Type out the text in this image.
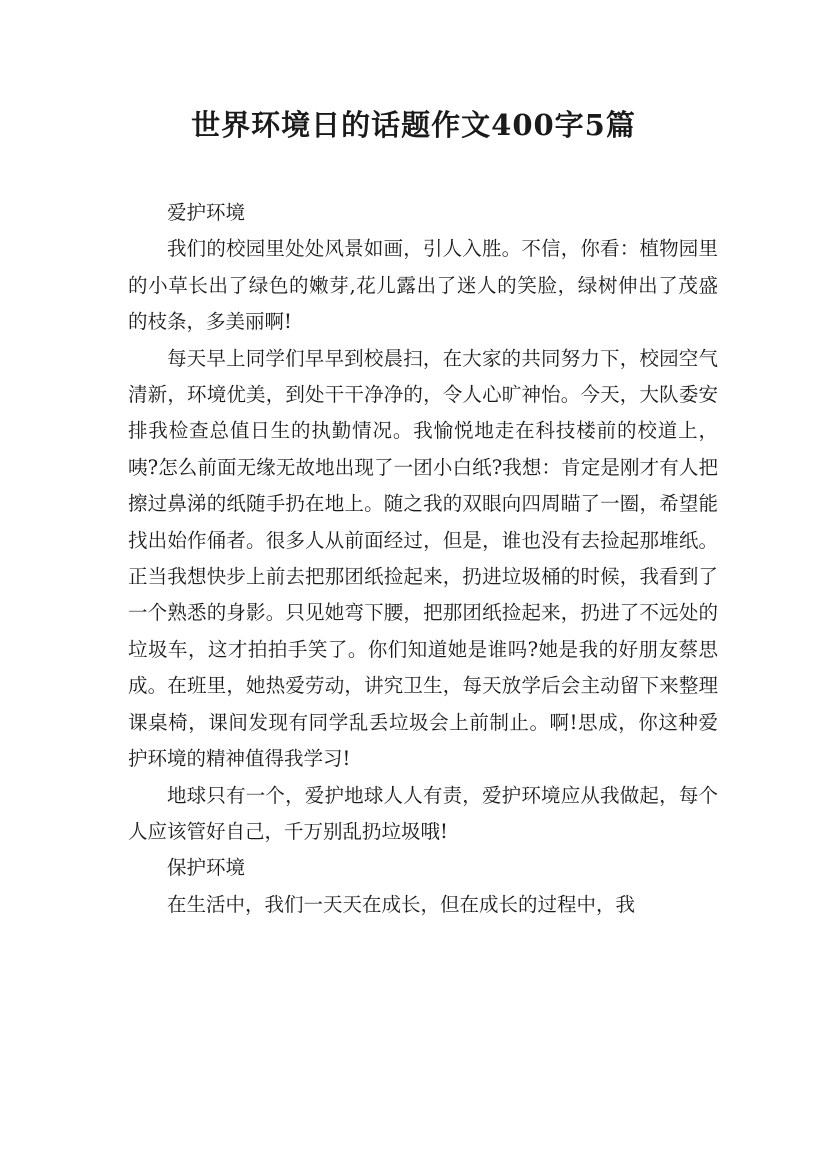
世界环境日的话题作文400字5篇

爱护环境

我们的校园里处处风景如画，引人入胜。不信，你看：植物园里的小草长出了绿色的嫩芽,花儿露出了迷人的笑脸，绿树伸出了茂盛的枝条，多美丽啊!

每天早上同学们早早到校晨扫，在大家的共同努力下，校园空气清新，环境优美，到处干干净净的，令人心旷神怡。今天，大队委安排我检查总值日生的执勤情况。我愉悦地走在科技楼前的校道上，咦?怎么前面无缘无故地出现了一团小白纸?我想：肯定是刚才有人把擦过鼻涕的纸随手扔在地上。随之我的双眼向四周瞄了一圈，希望能找出始作俑者。很多人从前面经过，但是，谁也没有去捡起那堆纸。正当我想快步上前去把那团纸捡起来，扔进垃圾桶的时候，我看到了一个熟悉的身影。只见她弯下腰，把那团纸捡起来，扔进了不远处的垃圾车，这才拍拍手笑了。你们知道她是谁吗?她是我的好朋友蔡思成。在班里，她热爱劳动，讲究卫生，每天放学后会主动留下来整理课桌椅，课间发现有同学乱丢垃圾会上前制止。啊!思成，你这种爱护环境的精神值得我学习!

地球只有一个，爱护地球人人有责，爱护环境应从我做起，每个人应该管好自己，千万别乱扔垃圾哦!

保护环境

在生活中，我们一天天在成长，但在成长的过程中，我
